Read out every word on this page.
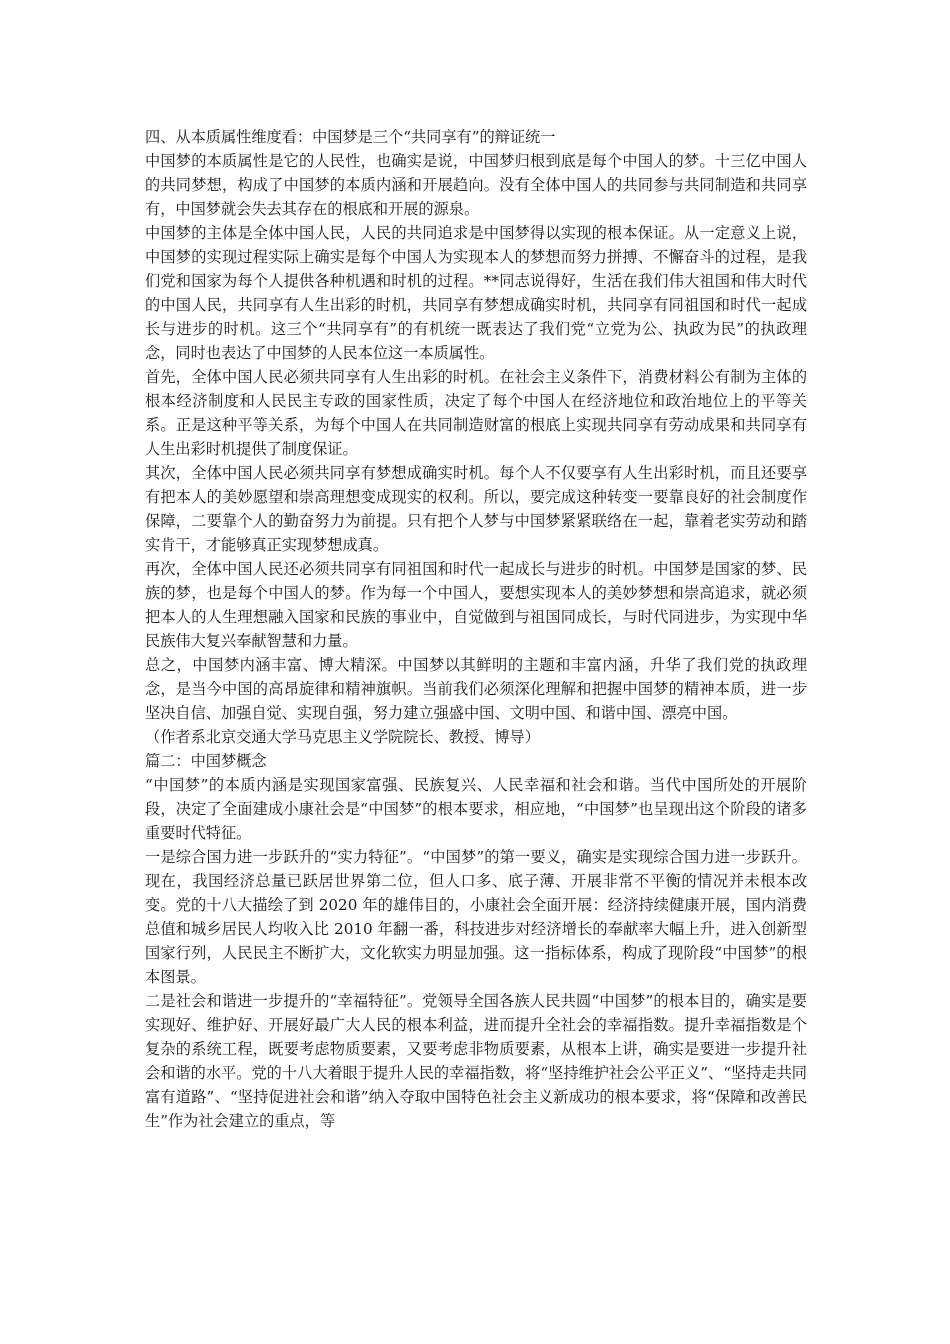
四、从本质属性维度看：中国梦是三个“共同享有”的辩证统一

中国梦的本质属性是它的人民性，也确实是说，中国梦归根到底是每个中国人的梦。十三亿中国人的共同梦想，构成了中国梦的本质内涵和开展趋向。没有全体中国人的共同参与共同制造和共同享有，中国梦就会失去其存在的根底和开展的源泉。

中国梦的主体是全体中国人民，人民的共同追求是中国梦得以实现的根本保证。从一定意义上说，中国梦的实现过程实际上确实是每个中国人为实现本人的梦想而努力拼搏、不懈奋斗的过程，是我们党和国家为每个人提供各种机遇和时机的过程。**同志说得好，生活在我们伟大祖国和伟大时代的中国人民，共同享有人生出彩的时机，共同享有梦想成确实时机，共同享有同祖国和时代一起成长与进步的时机。这三个“共同享有”的有机统一既表达了我们党“立党为公、执政为民”的执政理念，同时也表达了中国梦的人民本位这一本质属性。

首先，全体中国人民必须共同享有人生出彩的时机。在社会主义条件下，消费材料公有制为主体的根本经济制度和人民民主专政的国家性质，决定了每个中国人在经济地位和政治地位上的平等关系。正是这种平等关系，为每个中国人在共同制造财富的根底上实现共同享有劳动成果和共同享有人生出彩时机提供了制度保证。

其次，全体中国人民必须共同享有梦想成确实时机。每个人不仅要享有人生出彩时机，而且还要享有把本人的美妙愿望和崇高理想变成现实的权利。所以，要完成这种转变一要靠良好的社会制度作保障，二要靠个人的勤奋努力为前提。只有把个人梦与中国梦紧紧联络在一起，靠着老实劳动和踏实肯干，才能够真正实现梦想成真。

再次，全体中国人民还必须共同享有同祖国和时代一起成长与进步的时机。中国梦是国家的梦、民族的梦，也是每个中国人的梦。作为每一个中国人，要想实现本人的美妙梦想和崇高追求，就必须把本人的人生理想融入国家和民族的事业中，自觉做到与祖国同成长，与时代同进步，为实现中华民族伟大复兴奉献智慧和力量。

总之，中国梦内涵丰富、博大精深。中国梦以其鲜明的主题和丰富内涵，升华了我们党的执政理念，是当今中国的高昂旋律和精神旗帜。当前我们必须深化理解和把握中国梦的精神本质，进一步坚决自信、加强自觉、实现自强，努力建立强盛中国、文明中国、和谐中国、漂亮中国。

（作者系北京交通大学马克思主义学院院长、教授、博导）

篇二：中国梦概念

“中国梦”的本质内涵是实现国家富强、民族复兴、人民幸福和社会和谐。当代中国所处的开展阶段，决定了全面建成小康社会是“中国梦”的根本要求，相应地，“中国梦”也呈现出这个阶段的诸多重要时代特征。

一是综合国力进一步跃升的“实力特征”。“中国梦”的第一要义，确实是实现综合国力进一步跃升。现在，我国经济总量已跃居世界第二位，但人口多、底子薄、开展非常不平衡的情况并未根本改变。党的十八大描绘了到 2020 年的雄伟目的，小康社会全面开展：经济持续健康开展，国内消费总值和城乡居民人均收入比 2010 年翻一番，科技进步对经济增长的奉献率大幅上升，进入创新型国家行列，人民民主不断扩大，文化软实力明显加强。这一指标体系，构成了现阶段“中国梦”的根本图景。

二是社会和谐进一步提升的“幸福特征”。党领导全国各族人民共圆“中国梦”的根本目的，确实是要实现好、维护好、开展好最广大人民的根本利益，进而提升全社会的幸福指数。提升幸福指数是个复杂的系统工程，既要考虑物质要素，又要考虑非物质要素，从根本上讲，确实是要进一步提升社会和谐的水平。党的十八大着眼于提升人民的幸福指数，将“坚持维护社会公平正义”、“坚持走共同富有道路”、“坚持促进社会和谐”纳入夺取中国特色社会主义新成功的根本要求，将“保障和改善民生”作为社会建立的重点，等
